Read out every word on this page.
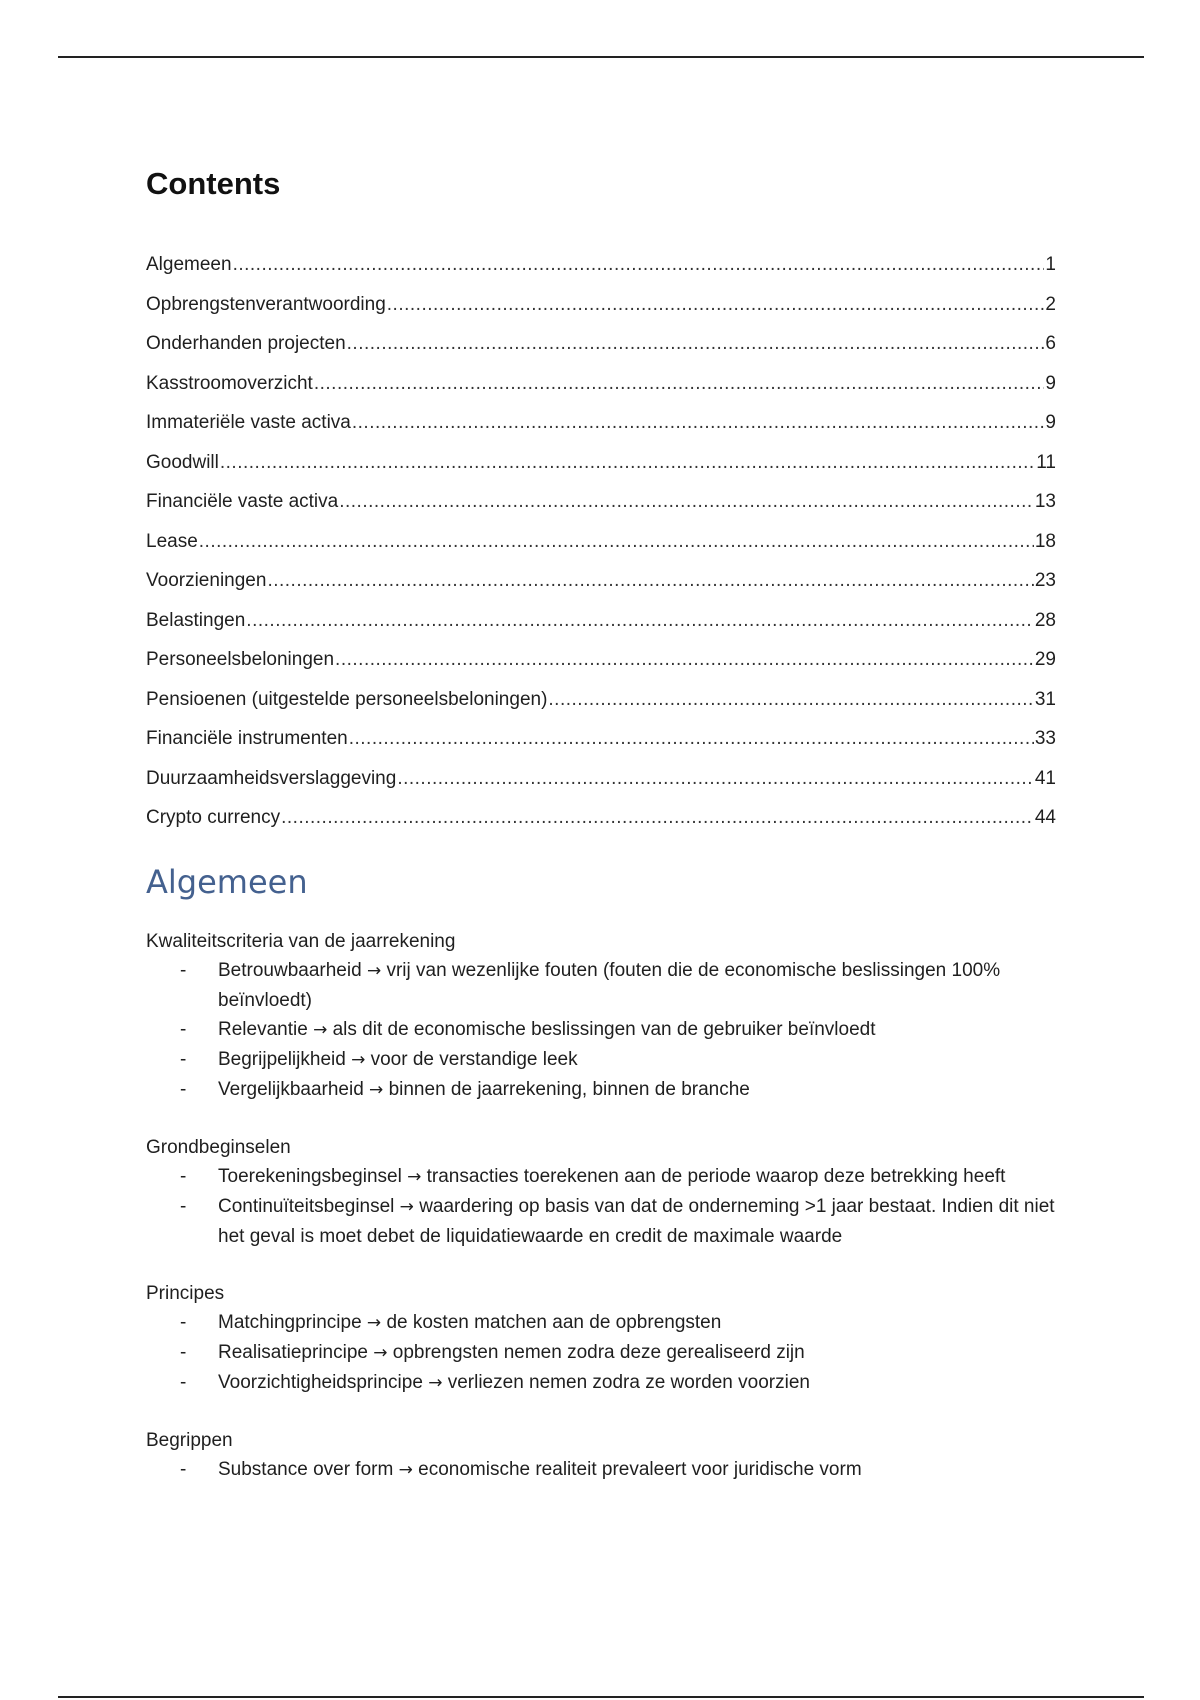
Contents
Algemeen .....	1
Opbrengstenverantwoording .....	2
Onderhanden projecten .....	6
Kasstroomoverzicht .....	9
Immateriële vaste activa .....	9
Goodwill .....	11
Financiële vaste activa .....	13
Lease .....	18
Voorzieningen .....	23
Belastingen .....	28
Personeelsbeloningen .....	29
Pensioenen (uitgestelde personeelsbeloningen) .....	31
Financiële instrumenten .....	33
Duurzaamheidsverslaggeving .....	41
Crypto currency .....	44
Algemeen

Kwaliteitscriteria van de jaarrekening

- Betrouwbaarheid → vrij van wezenlijke fouten (fouten die de economische beslissingen 100% beïnvloedt)
- Relevantie → als dit de economische beslissingen van de gebruiker beïnvloedt
- Begrijpelijkheid → voor de verstandige leek
- Vergelijkbaarheid → binnen de jaarrekening, binnen de branche

Grondbeginselen

- Toerekeningsbeginsel → transacties toerekenen aan de periode waarop deze betrekking heeft
- Continuïteitsbeginsel → waardering op basis van dat de onderneming >1 jaar bestaat. Indien dit niet het geval is moet debet de liquidatiewaarde en credit de maximale waarde

Principes

- Matchingprincipe → de kosten matchen aan de opbrengsten
- Realisatieprincipe → opbrengsten nemen zodra deze gerealiseerd zijn
- Voorzichtigheidsprincipe → verliezen nemen zodra ze worden voorzien

Begrippen

- Substance over form → economische realiteit prevaleert voor juridische vorm
